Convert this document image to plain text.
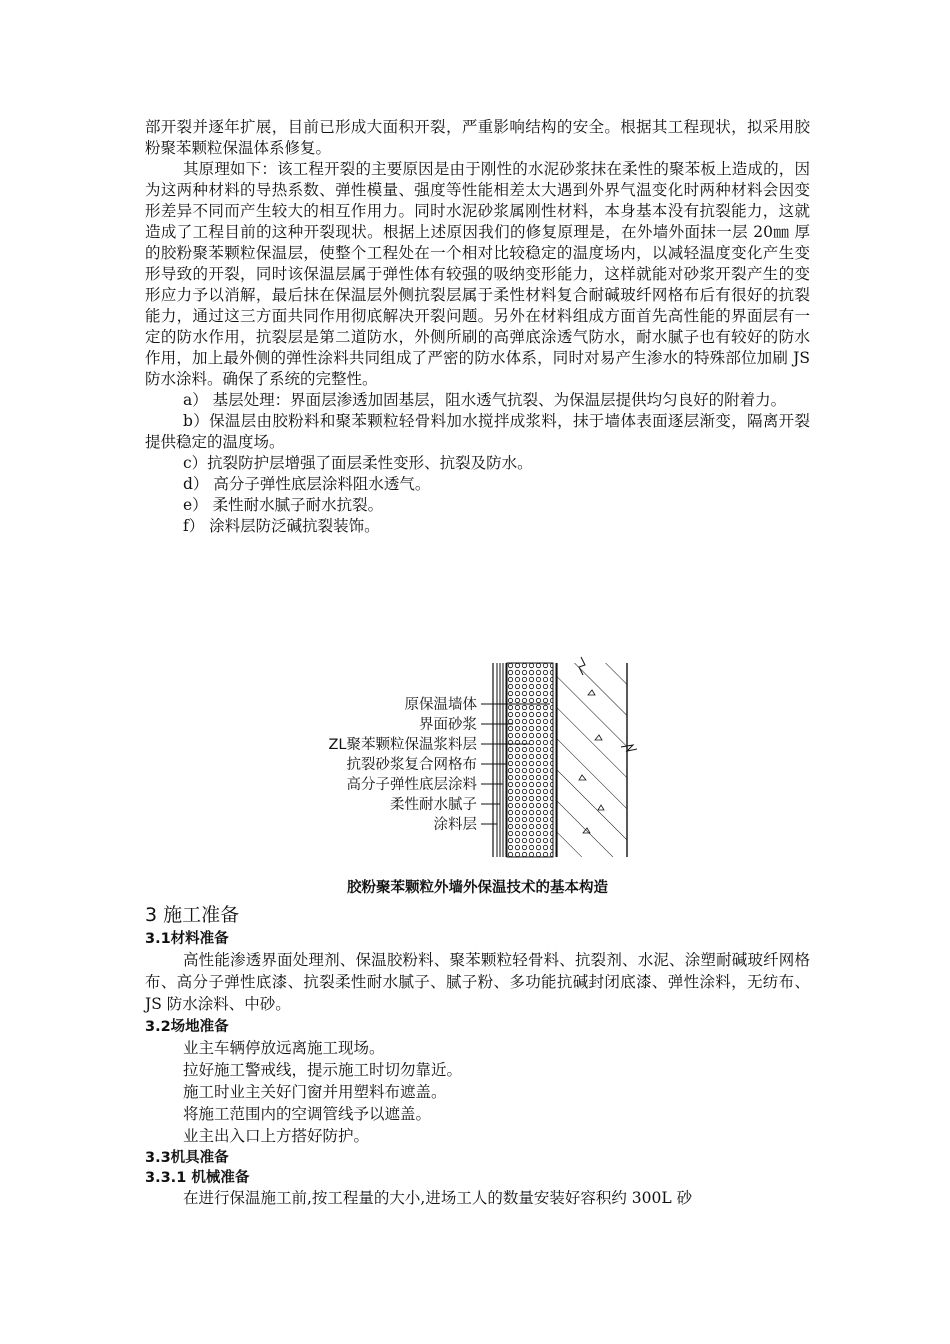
部开裂并逐年扩展，目前已形成大面积开裂，严重影响结构的安全。根据其工程现状，拟采用胶粉聚苯颗粒保温体系修复。

其原理如下：该工程开裂的主要原因是由于刚性的水泥砂浆抹在柔性的聚苯板上造成的，因为这两种材料的导热系数、弹性模量、强度等性能相差太大遇到外界气温变化时两种材料会因变形差异不同而产生较大的相互作用力。同时水泥砂浆属刚性材料，本身基本没有抗裂能力，这就造成了工程目前的这种开裂现状。根据上述原因我们的修复原理是，在外墙外面抹一层 20㎜ 厚的胶粉聚苯颗粒保温层，使整个工程处在一个相对比较稳定的温度场内，以减轻温度变化产生变形导致的开裂，同时该保温层属于弹性体有较强的吸纳变形能力，这样就能对砂浆开裂产生的变形应力予以消解，最后抹在保温层外侧抗裂层属于柔性材料复合耐碱玻纤网格布后有很好的抗裂能力，通过这三方面共同作用彻底解决开裂问题。另外在材料组成方面首先高性能的界面层有一定的防水作用，抗裂层是第二道防水，外侧所刷的高弹底涂透气防水，耐水腻子也有较好的防水作用，加上最外侧的弹性涂料共同组成了严密的防水体系，同时对易产生渗水的特殊部位加刷 JS 防水涂料。确保了系统的完整性。

a） 基层处理：界面层渗透加固基层，阻水透气抗裂、为保温层提供均匀良好的附着力。

b）保温层由胶粉料和聚苯颗粒轻骨料加水搅拌成浆料，抹于墙体表面逐层渐变，隔离开裂提供稳定的温度场。

c）抗裂防护层增强了面层柔性变形、抗裂及防水。

d） 高分子弹性底层涂料阻水透气。

e） 柔性耐水腻子耐水抗裂。

f） 涂料层防泛碱抗裂装饰。

原保温墙体
界面砂浆
ZL聚苯颗粒保温浆料层
抗裂砂浆复合网格布
高分子弹性底层涂料
柔性耐水腻子
涂料层

胶粉聚苯颗粒外墙外保温技术的基本构造

3 施工准备
3.1材料准备

高性能渗透界面处理剂、保温胶粉料、聚苯颗粒轻骨料、抗裂剂、水泥、涂塑耐碱玻纤网格布、高分子弹性底漆、抗裂柔性耐水腻子、腻子粉、多功能抗碱封闭底漆、弹性涂料，无纺布、JS 防水涂料、中砂。

3.2场地准备

业主车辆停放远离施工现场。

拉好施工警戒线，提示施工时切勿靠近。

施工时业主关好门窗并用塑料布遮盖。

将施工范围内的空调管线予以遮盖。

业主出入口上方搭好防护。

3.3机具准备
3.3.1 机械准备

在进行保温施工前,按工程量的大小,进场工人的数量安装好容积约 300L 砂
